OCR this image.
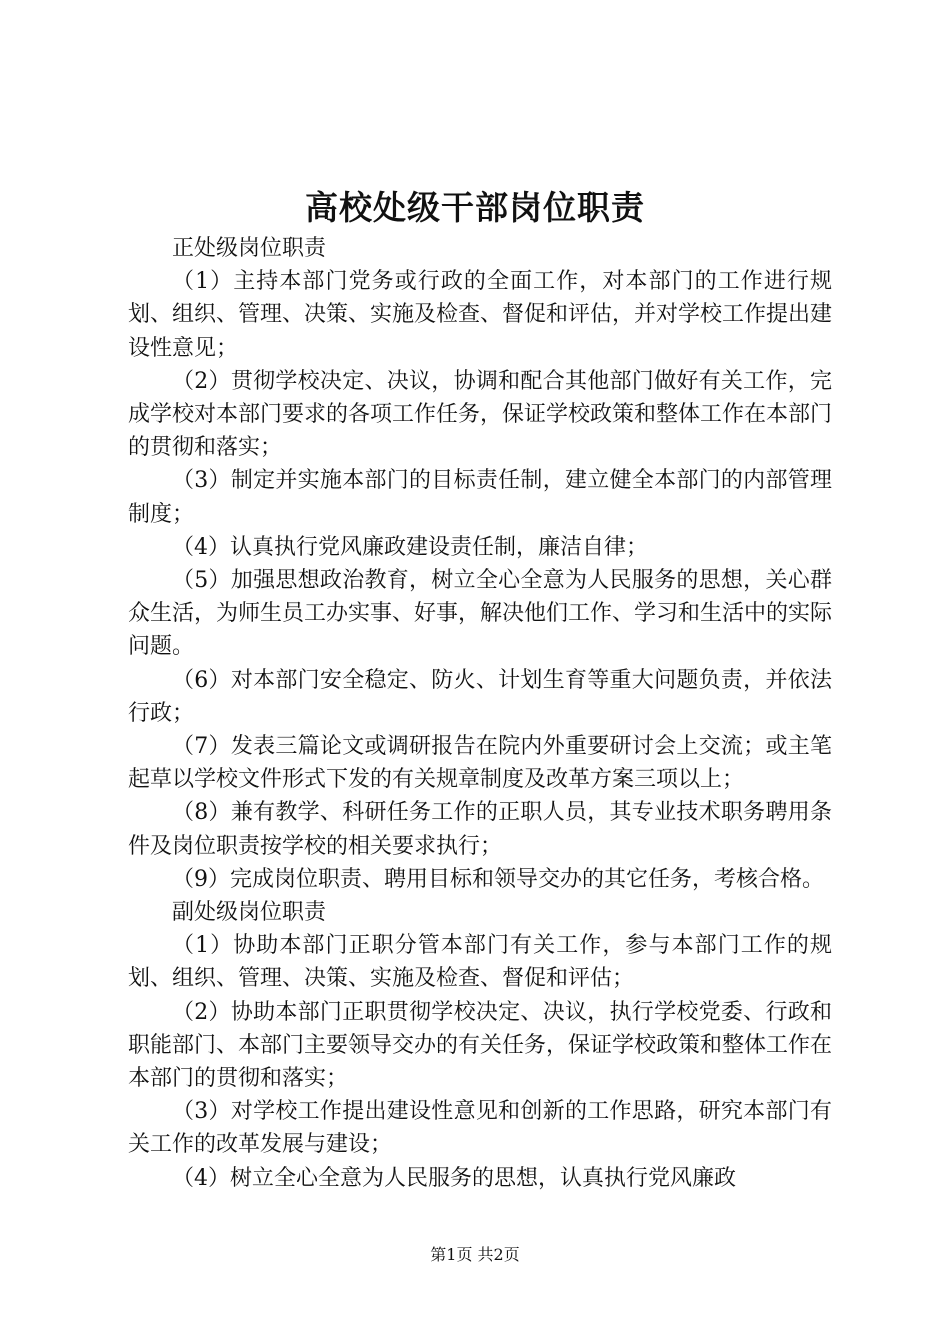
高校处级干部岗位职责

正处级岗位职责

（1）主持本部门党务或行政的全面工作，对本部门的工作进行规划、组织、管理、决策、实施及检查、督促和评估，并对学校工作提出建设性意见；

（2）贯彻学校决定、决议，协调和配合其他部门做好有关工作，完成学校对本部门要求的各项工作任务，保证学校政策和整体工作在本部门的贯彻和落实；

（3）制定并实施本部门的目标责任制，建立健全本部门的内部管理制度；

（4）认真执行党风廉政建设责任制，廉洁自律；

（5）加强思想政治教育，树立全心全意为人民服务的思想，关心群众生活，为师生员工办实事、好事，解决他们工作、学习和生活中的实际问题。

（6）对本部门安全稳定、防火、计划生育等重大问题负责，并依法行政；

（7）发表三篇论文或调研报告在院内外重要研讨会上交流；或主笔起草以学校文件形式下发的有关规章制度及改革方案三项以上；

（8）兼有教学、科研任务工作的正职人员，其专业技术职务聘用条件及岗位职责按学校的相关要求执行；

（9）完成岗位职责、聘用目标和领导交办的其它任务，考核合格。

副处级岗位职责

（1）协助本部门正职分管本部门有关工作，参与本部门工作的规划、组织、管理、决策、实施及检查、督促和评估；

（2）协助本部门正职贯彻学校决定、决议，执行学校党委、行政和职能部门、本部门主要领导交办的有关任务，保证学校政策和整体工作在本部门的贯彻和落实；

（3）对学校工作提出建设性意见和创新的工作思路，研究本部门有关工作的改革发展与建设；

（4）树立全心全意为人民服务的思想，认真执行党风廉政

第1页 共2页
